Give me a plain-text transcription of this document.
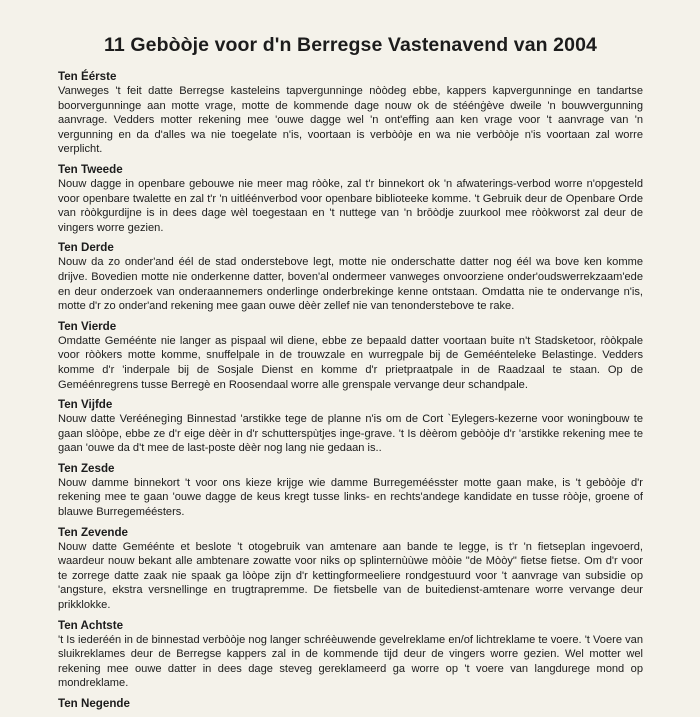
11 Gebòòje voor d'n Berregse Vastenavend van 2004
Ten Éérste

Vanweges 't feit datte Berregse kasteleins tapvergunninge nòòdeg ebbe, kappers kapvergunninge en tandartse boorvergunninge aan motte vrage, motte de kommende dage nouw ok de stéénġève dweile 'n bouwvergunning aanvrage. Vedders motter rekening mee 'ouwe dagge wel 'n ont'effing aan ken vrage voor 't aanvrage van 'n vergunning en da d'alles wa nie toegelate n'is, voortaan is verbòòje en wa nie verbòòje n'is voortaan zal worre verplicht.

Ten Tweede

Nouw dagge in openbare gebouwe nie meer mag ròòke, zal t'r binnekort ok 'n afwaterings-verbod worre n'opgesteld voor openbare twalette en zal t'r 'n uitléénverbod voor openbare biblioteeke komme. 't Gebruik deur de Openbare Orde van ròòkgurdijne is in dees dage wèl toegestaan en 't nuttege van 'n brōòdje zuurkool mee ròòkworst zal deur de vingers worre gezien.

Ten Derde

Nouw da zo onder'and éél de stad onderstebove legt, motte nie onderschatte datter nog éél wa bove ken komme drijve. Bovedien motte nie onderkenne datter, boven'al ondermeer vanweges onvoorziene onder'oudswerrekzaam'ede en deur onderzoek van onderaannemers onderlinge onderbrekinge kenne ontstaan. Omdatta nie te ondervange n'is, motte d'r zo onder'and rekening mee gaan ouwe dèèr zellef nie van tenonderstebove te rake.

Ten Vierde

Omdatte Geméénte nie langer as pispaal wil diene, ebbe ze bepaald datter voortaan buite n't Stadsketoor, ròòkpale voor ròòkers motte komme, snuffelpale in de trouwzale en wurregpale bij de Geméénteleke Belastinge. Vedders komme d'r 'inderpale bij de Sosjale Dienst en komme d'r prietpraatpale in de Raadzaal te staan. Op de Geméénregrens tusse Berregè en Roosendaal worre alle grenspale vervange deur schandpale.

Ten Vijfde

Nouw datte Veréénegìng Binnestad 'arstikke tege de planne n'is om de Cort `Eylegers-kezerne voor woningbouw te gaan slòòpe, ebbe ze d'r eige dèèr in d'r schutterspùtjes inge-grave. 't Is dèèrom gebòòje d'r 'arstikke rekening mee te gaan 'ouwe da d't mee de last-poste dèèr nog lang nie gedaan is..

Ten Zesde

Nouw damme binnekort 't voor ons kieze krijge wie damme Burregeméésster motte gaan make, is 't gebòòje d'r rekening mee te gaan 'ouwe dagge de keus kregt tusse links- en rechts'andege kandidate en tusse ròòje, groene of blauwe Burregeméésters.

Ten Zevende

Nouw datte Geméénte et beslote 't otogebruik van amtenare aan bande te legge, is t'r 'n fietseplan ingevoerd, waardeur nouw bekant alle ambtenare zowatte voor niks op splinternùùwe mòòie "de Mòòy" fietse fietse. Om d'r voor te zorrege datte zaak nie spaak ga lòòpe zijn d'r kettingformeeliere rondgestuurd voor 't aanvrage van subsidie op 'angsture, ekstra versnellinge en trugtrapremme. De fietsbelle van de buitedienst-amtenare worre vervange deur prikklokke.

Ten Achtste

't Is iederéén in de binnestad verbòòje nog langer schréèuwende gevelreklame en/of lichtreklame te voere. 't Voere van sluikreklames deur de Berregse kappers zal in de kommende tijd deur de vingers worre gezien. Wel motter wel rekening mee ouwe datter in dees dage steveg gereklameerd ga worre op 't voere van langdurege mond op mondreklame.

Ten Negende
